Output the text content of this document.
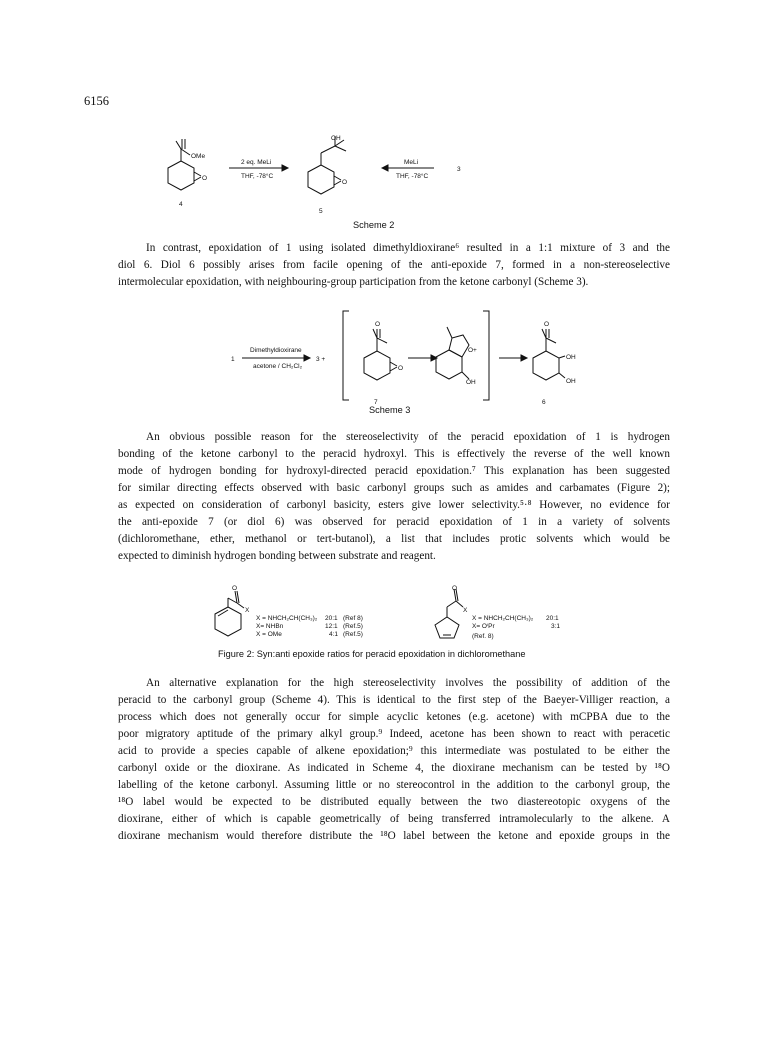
6156
OMe
O
4
2 eq. MeLi
THF, -78°C
OH
O
5
MeLi
THF, -78°C
3
Scheme 2
In contrast, epoxidation of 1 using isolated dimethyldioxirane⁶ resulted in a 1:1 mixture of 3 and the
diol 6. Diol 6 possibly arises from facile opening of the anti-epoxide 7, formed in a non-stereoselective
intermolecular epoxidation, with neighbouring-group participation from the ketone carbonyl (Scheme 3).
1
Dimethyldioxirane
acetone / CH₂Cl₂
3 +
O
O
7
O+
OH
O
OH
OH
6
Scheme 3
An obvious possible reason for the stereoselectivity of the peracid epoxidation of 1 is hydrogen
bonding of the ketone carbonyl to the peracid hydroxyl. This is effectively the reverse of the well known
mode of hydrogen bonding for hydroxyl-directed peracid epoxidation.⁷ This explanation has been suggested
for similar directing effects observed with basic carbonyl groups such as amides and carbamates (Figure 2);
as expected on consideration of carbonyl basicity, esters give lower selectivity.⁵·⁸ However, no evidence for
the anti-epoxide 7 (or diol 6) was observed for peracid epoxidation of 1 in a variety of solvents
(dichloromethane, ether, methanol or tert-butanol), a list that includes protic solvents which would be
expected to diminish hydrogen bonding between substrate and reagent.
O
X
X = NHCH₂CH(CH₃)₂ 20:1 (Ref 8)
X= NHBn	12:1 (Ref.5)
X = OMe	4:1 (Ref.5)
O
X
X = NHCH₂CH(CH₃)₂ 20:1
X= OⁱPr	3:1
(Ref. 8)
Figure 2: Syn:anti epoxide ratios for peracid epoxidation in dichloromethane
An alternative explanation for the high stereoselectivity involves the possibility of addition of the
peracid to the carbonyl group (Scheme 4). This is identical to the first step of the Baeyer-Villiger reaction, a
process which does not generally occur for simple acyclic ketones (e.g. acetone) with mCPBA due to the
poor migratory aptitude of the primary alkyl group.⁹ Indeed, acetone has been shown to react with peracetic
acid to provide a species capable of alkene epoxidation;⁹ this intermediate was postulated to be either the
carbonyl oxide or the dioxirane. As indicated in Scheme 4, the dioxirane mechanism can be tested by ¹⁸O
labelling of the ketone carbonyl. Assuming little or no stereocontrol in the addition to the carbonyl group, the
¹⁸O label would be expected to be distributed equally between the two diastereotopic oxygens of the
dioxirane, either of which is capable geometrically of being transferred intramolecularly to the alkene. A
dioxirane mechanism would therefore distribute the ¹⁸O label between the ketone and epoxide groups in the
